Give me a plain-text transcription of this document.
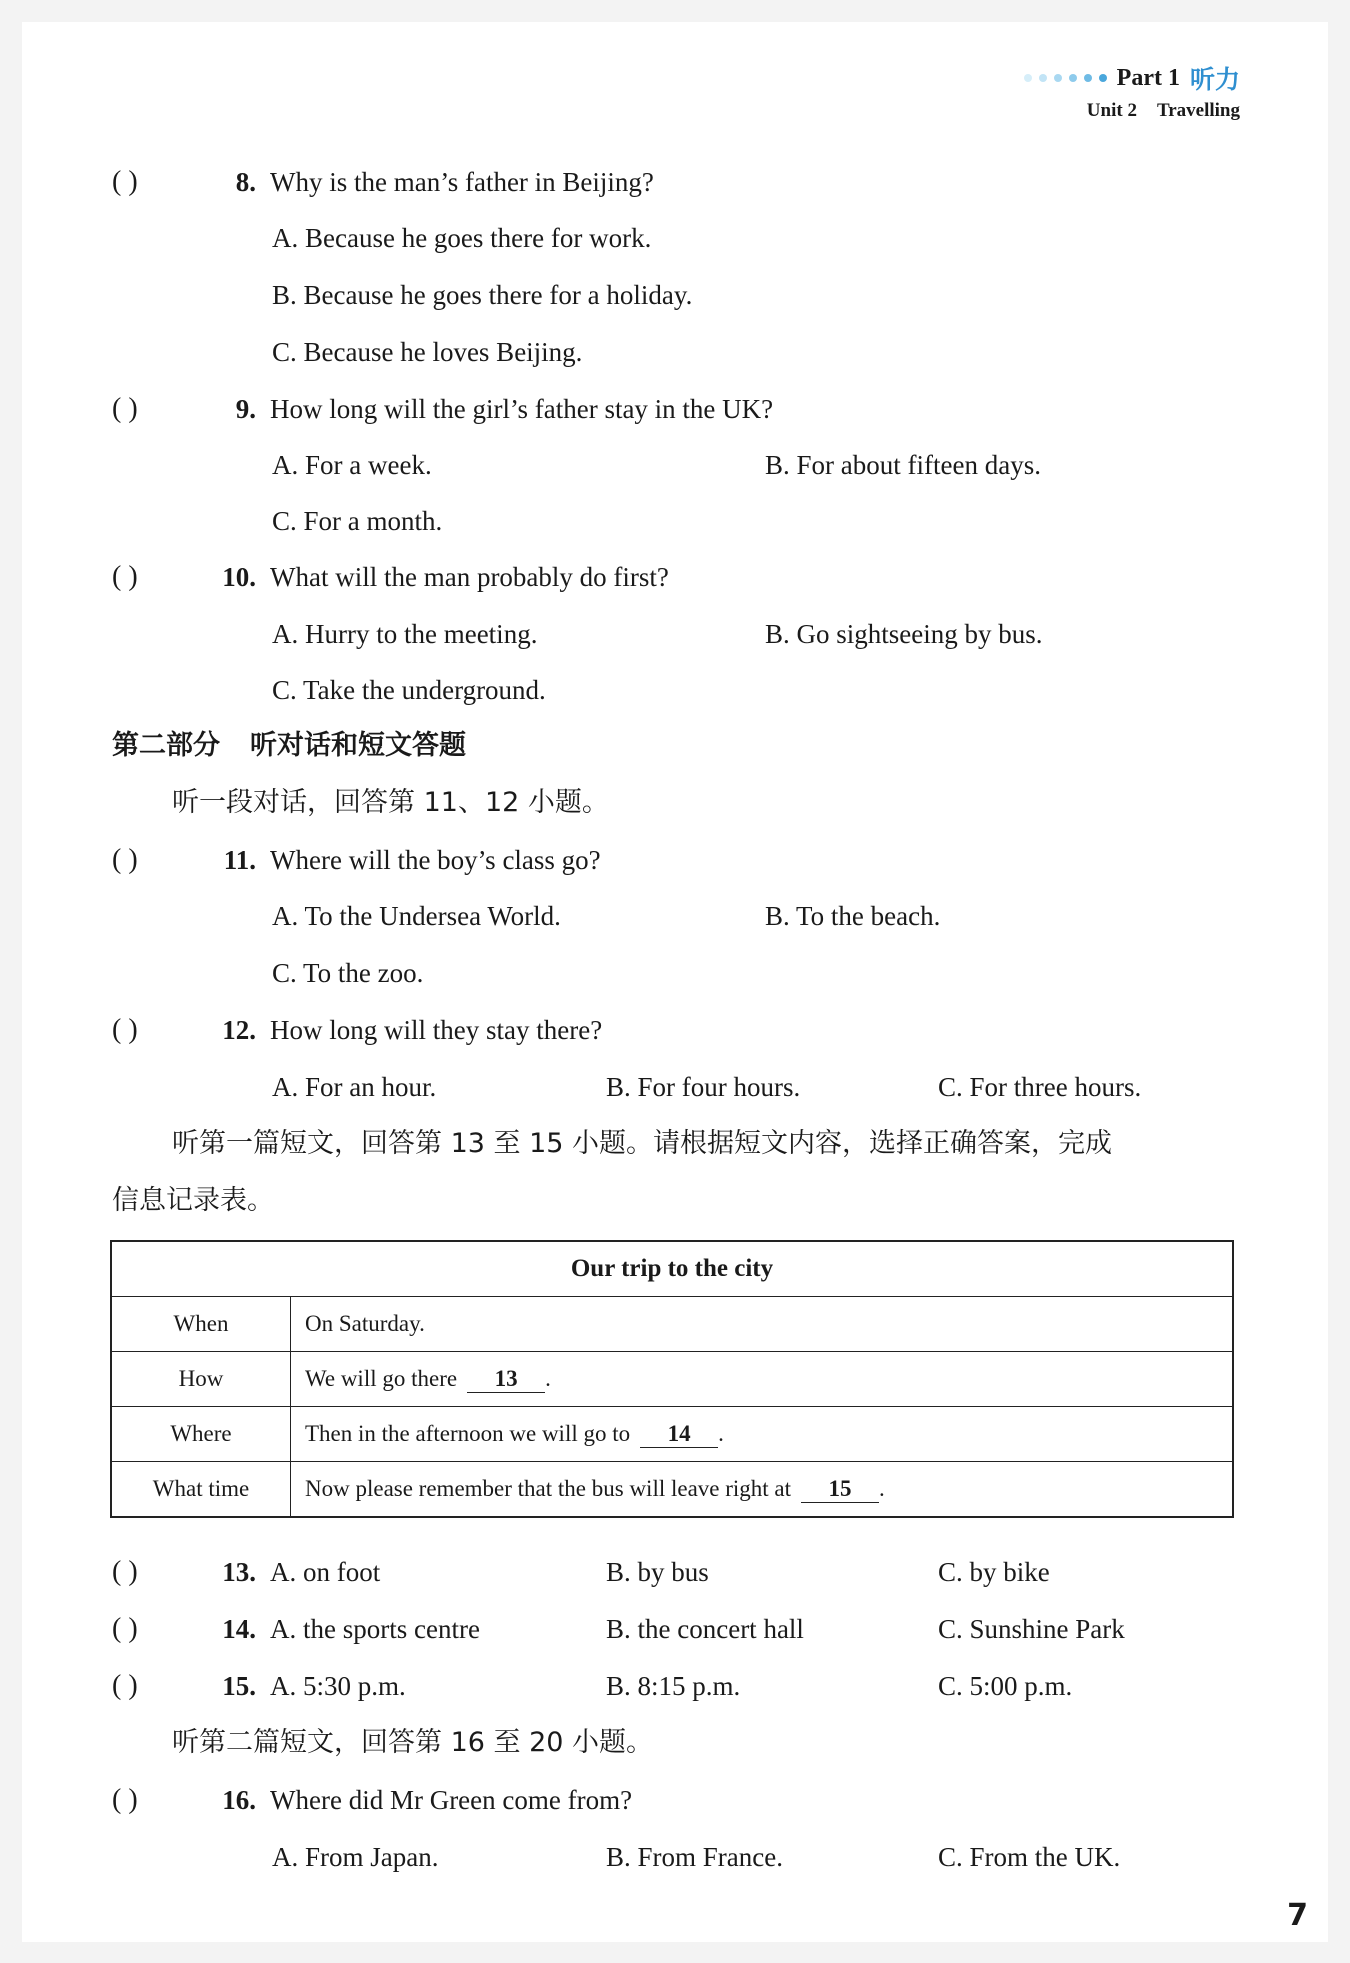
Part 1 听力
Unit 2 Travelling
( )	8. Why is the man’s father in Beijing?
A. Because he goes there for work.
B. Because he goes there for a holiday.
C. Because he loves Beijing.
( )	9. How long will the girl’s father stay in the UK?
A. For a week.	B. For about fifteen days.
C. For a month.
( )	10. What will the man probably do first?
A. Hurry to the meeting.	B. Go sightseeing by bus.
C. Take the underground.
第二部分 听对话和短文答题
听一段对话，回答第 11、12 小题。
( )	11. Where will the boy’s class go?
A. To the Undersea World.	B. To the beach.
C. To the zoo.
( )	12. How long will they stay there?
A. For an hour.	B. For four hours.	C. For three hours.
听第一篇短文，回答第 13 至 15 小题。请根据短文内容，选择正确答案，完成
信息记录表。
Our trip to the city	
When	On Saturday.
How	We will go there 13 .
Where	Then in the afternoon we will go to 14 .
What time	Now please remember that the bus will leave right at 15 .
( )	13. A. on foot	B. by bus	C. by bike
( )	14. A. the sports centre	B. the concert hall	C. Sunshine Park
( )	15. A. 5:30 p.m.	B. 8:15 p.m.	C. 5:00 p.m.
听第二篇短文，回答第 16 至 20 小题。
( )	16. Where did Mr Green come from?
A. From Japan.	B. From France.	C. From the UK.
7
